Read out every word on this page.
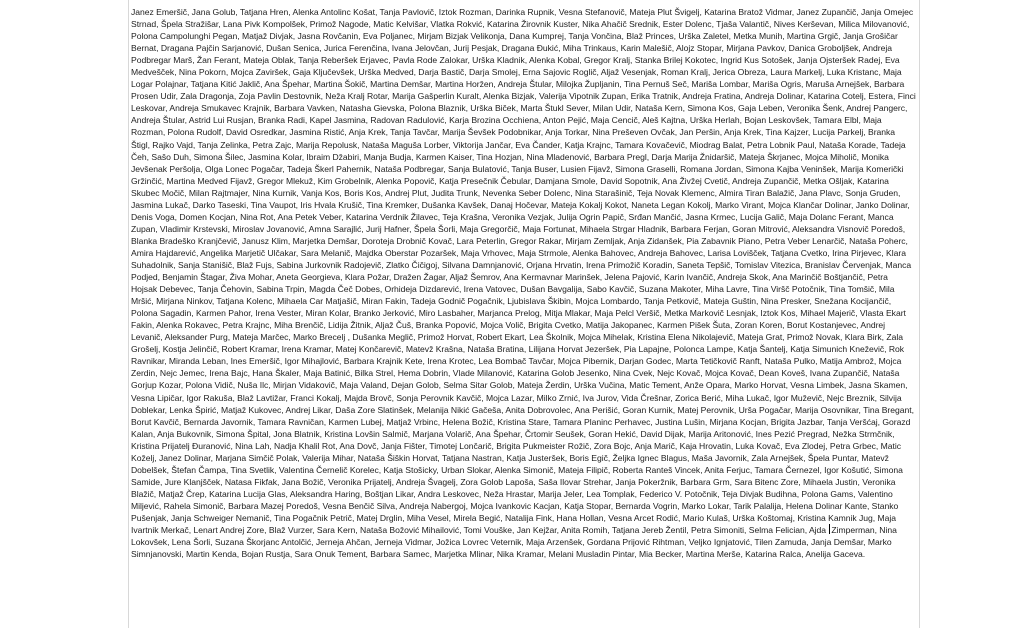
Janez Emeršič, Jana Golub, Tatjana Hren, Alenka Antolinc Košat, Tanja Pavlovič, Iztok Rozman, Darinka Rupnik, Vesna Stefanovič, Mateja Plut Švigelj, Katarina Bratož Vidmar, Janez Zupančič, Janja Omejec Strnad, Špela Stražišar, Lana Pivk Kompolšek, Primož Nagode, Matic Kelvišar, Vlatka Rokvić, Katarina Žirovnik Kuster, Nika Ahačič Srednik, Ester Dolenc, Tjaša Valantič, Nives Kerševan, Milica Milovanović, Polona Campolunghi Pegan, Matjaž Divjak, Jasna Rovčanin, Eva Poljanec, Mirjam Bizjak Velikonja, Dana Kumprej, Tanja Vončina, Blaž Princes, Urška Zaletel, Metka Munih, Martina Grgič, Janja Grošičar Bernat, Dragana Pajčin Sarjanović, Dušan Senica, Jurica Ferenčina, Ivana Jelovčan, Jurij Pesjak, Dragana Đukić, Miha Trinkaus, Karin Malešič, Alojz Stopar, Mirjana Pavkov, Danica Groboljšek, Andreja Podbregar Marš, Žan Ferant, Mateja Oblak, Tanja Reberšek Erjavec, Pavla Rode Zalokar, Urška Kladnik, Alenka Kobal, Gregor Kralj, Stanka Brilej Kokotec, Ingrid Kus Sotošek, Janja Ojsteršek Radej, Eva Medvešček, Nina Pokorn, Mojca Zaviršek, Gaja Ključevšek, Urška Medved, Darja Bastič, Darja Smolej, Erna Sajovic Roglič, Aljaž Vesenjak, Roman Kralj, Jerica Obreza, Laura Markelj, Luka Kristanc, Maja Logar Polajnar, Tatjana Kitić Jaklič, Ana Špehar, Martina Šokič, Martina Demšar, Martina Horžen, Andreja Štular, Milojka Župljanin, Tina Pernuš Seč, Mariša Lombar, Mariša Ogris, Maruša Arnejšek, Barbara Prosen Udir, Zala Dragonja, Zoja Pavlin Destovnik, Neža Kralj Rotar, Marija Gašperlin Kuralt, Alenka Bizjak, Valerija Vipotnik Zupan, Erika Tratnik, Andreja Fratina, Andreja Dolinar, Katarina Cotelj, Estera, Finci Leskovar, Andreja Smukavec Krajnik, Barbara Vavken, Natasha Gievska, Polona Blaznik, Urška Biček, Marta Štukl Sever, Milan Udir, Nataša Kern, Simona Kos, Gaja Leben, Veronika Šenk, Andrej Pangerc, Andreja Štular, Astrid Lui Rusjan, Branka Radi, Kapel Jasmina, Radovan Radulović, Karja Brozina Occhiena, Anton Pejić, Maja Cencič, Aleš Kajtna, Urška Herlah, Bojan Leskovšek, Tamara Elbl, Maja Rozman, Polona Rudolf, David Osredkar, Jasmina Ristić, Anja Krek, Tanja Tavčar, Marija Ševšek Podobnikar, Anja Torkar, Nina Preševen Ovčak, Jan Peršin, Anja Krek, Tina Kajzer, Lucija Parkelj, Branka Štigl, Rajko Vajd, Tanja Zelinka, Petra Zajc, Marija Repolusk, Nataša Maguša Lorber, Viktorija Jančar, Eva Čander, Katja Krajnc, Tamara Kovačevič, Miodrag Balat, Petra Lobnik Paul, Nataša Korade, Tadeja Čeh, Sašo Duh, Simona Šilec, Jasmina Kolar, Ibraim Džabiri, Manja Budja, Karmen Kaiser, Tina Hozjan, Nina Mladenović, Barbara Pregl, Darja Marija Žnidaršič, Mateja Škrjanec, Mojca Miholič, Monika Jevšenak Peršolja, Olga Lonec Pogačar, Tadeja Škerl Pahernik, Nataša Podbregar, Sanja Bulatović, Tanja Buser, Lusien Fijavž, Simona Graselli, Romana Jordan, Simona Kajba Veninšek, Marija Komerički Gržinčić, Martina Medved Fijavž, Gregor Mlekuž, Kim Grobelnik, Alenka Popovič, Katja Presečnik Čebular, Damjana Smole, David Sopotnik, Ana Živžej Cvetič, Andreja Zupančič, Metka Ošljak, Katarina Skubec Močič, Milan Rajtmajer, Nina Kurnik, Vanja Kos, Boris Kos, Andrej Plut, Judita Trunk, Nevenka Seber Dolenc, Nina Starašinič, Teja Novak Klemenc, Almira Tiran Balažič, Jana Plavc, Sonja Gruden, Jasmina Lukač, Darko Taseski, Tina Vaupot, Iris Hvala Krušič, Tina Kremker, Dušanka Kavšek, Danaj Hočevar, Mateja Kokalj Kokot, Naneta Legan Kokolj, Marko Virant, Mojca Klančar Dolinar, Janko Dolinar, Denis Voga, Domen Kocjan, Nina Rot, Ana Petek Veber, Katarina Verdnik Žilavec, Teja Krašna, Veronika Vezjak, Julija Ogrin Papič, Srđan Mančić, Jasna Krmec, Lucija Galič, Maja Dolanc Ferant, Manca Zupan, Vladimir Krstevski, Miroslav Jovanović, Amna Sarajlić, Jurij Hafner, Špela Šorli, Maja Gregorčič, Maja Fortunat, Mihaela Strgar Hladnik, Barbara Ferjan, Goran Mitrović, Aleksandra Visnovič Poredoš, Blanka Bradeško Kranjčevič, Janusz Klim, Marjetka Demšar, Doroteja Drobnič Kovač, Lara Peterlin, Gregor Rakar, Mirjam Zemljak, Anja Zidanšek, Pia Zabavnik Piano, Petra Veber Lenarčič, Nataša Poherc, Amira Hajdarević, Angelika Marjetič Ulčakar, Sara Melanič, Majdka Oberstar Pozaršek, Maja Vrhovec, Maja Strmole, Alenka Bahovec, Andreja Bahovec, Larisa Lovišček, Tatjana Cvetko, Irina Pirjevec, Klara Suhadolnik, Sanja Stanišič, Blaž Fujs, Sabina Jurkovnik Radojevič, Zlatko Čičigoj, Silvana Damnjanović, Orjana Hrvatin, Irena Primožič Koradin, Saneta Tepšič, Tomislav Vitezica, Branislav Červenjak, Manca Podjed, Benjamin Štagar, Živa Mohar, Aneta Georgieva, Klara Požar, Dražen Žagar, Aljaž Šemrov, Ana Kermavnar Marinšek, Jelena Pajović, Karin Ivančič, Andreja Skok, Ana Marinčič Boštjančič, Petra Hojsak Debevec, Tanja Čehovin, Sabina Trpin, Magda Čeč Dobes, Orhideja Dizdarević, Irena Vatovec, Dušan Bavgalija, Sabo Kavčič, Suzana Makoter, Miha Lavre, Tina Viršč Potočnik, Tina Tomšič, Mila Mršić, Mirjana Ninkov, Tatjana Kolenc, Mihaela Car Matjašič, Miran Fakin, Tadeja Godnič Pogačnik, Ljubislava Škibin, Mojca Lombardo, Tanja Petkovič, Mateja Guštin, Nina Presker, Snežana Kocijančič, Polona Sagadin, Karmen Pahor, Irena Vester, Miran Kolar, Branko Jerković, Miro Lasbaher, Marjanca Prelog, Mitja Mlakar, Maja Pelcl Veršič, Metka Markovič Lesnjak, Iztok Kos, Mihael Majerič, Vlasta Ekart Fakin, Alenka Rokavec, Petra Krajnc, Miha Brenčič, Lidija Žitnik, Aljaž Čuš, Branka Popović, Mojca Volič, Brigita Cvetko, Matija Jakopanec, Karmen Pišek Šuta, Zoran Koren, Borut Kostanjevec, Andrej Levanič, Aleksander Purg, Mateja Marčec, Marko Brecelj , Dušanka Meglič, Primož Horvat, Robert Ekart, Lea Školnik, Mojca Mihelak, Kristina Elena Nikolajevič, Mateja Grat, Primož Novak, Klara Birk, Zala Grošelj, Kostja Jelinčič, Robert Kramar, Irena Kramar, Matej Končarevič, Matevž Krašna, Nataša Bratina, Lilijana Horvat Jezeršek, Pia Lapajne, Polonca Lampe, Katja Šantelj, Katja Simunich Kneževič, Rok Ravnikar, Miranda Leban, Ines Emeršič, Igor Mihajlović, Barbara Krajnik Kete, Irena Krotec, Lea Bombač Tavčar, Mojca Pibernik, Darjan Godec, Marta Tetičkovič Ranft, Nataša Pulko, Matija Ambrož, Mojca Zerdin, Nejc Jemec, Irena Bajc, Hana Škaler, Maja Batinić, Bilka Strel, Hema Dobrin, Vlade Milanović, Katarina Golob Jesenko, Nina Cvek, Nejc Kovač, Mojca Kovač, Dean Koveš, Ivana Zupančič, Nataša Gorjup Kozar, Polona Vidič, Nuša Ilc, Mirjan Vidakovič, Maja Valand, Dejan Golob, Selma Sitar Golob, Mateja Žerdin, Urška Vučina, Matic Tement, Anže Opara, Marko Horvat, Vesna Limbek, Jasna Skamen, Vesna Lipičar, Igor Rakuša, Blaž Lavtižar, Franci Kokalj, Majda Brovč, Sonja Perovnik Kavčič, Mojca Lazar, Milko Zrnić, Iva Jurov, Vida Črešnar, Zorica Berić, Miha Lukač, Igor Muževič, Nejc Breznik, Silvija Doblekar, Lenka Špirić, Matjaž Kukovec, Andrej Likar, Daša Zore Slatinšek, Melanija Nikić Gačeša, Anita Dobrovolec, Ana Perišić, Goran Kurnik, Matej Perovnik, Urša Pogačar, Marija Osovnikar, Tina Bregant, Borut Kavčič, Bernarda Javornik, Tamara Ravničan, Karmen Lubej, Matjaž Vrbinc, Helena Božič, Kristina Stare, Tamara Planinc Perhavec, Justina Lušin, Mirjana Kocjan, Brigita Jazbar, Tanja Veršćaj, Gorazd Kalan, Anja Bukovnik, Simona Špital, Jona Blatnik, Kristina Lovšin Salmič, Marjana Volarič, Ana Špehar, Črtomir Seušek, Goran Hekić, David Dijak, Marija Aritonović, Ines Pezić Pregrad, Nežka Strmčnik, Kristina Prijatelj Đuranović, Nina Lah, Nadja Khalil Rot, Ana Dovč, Janja Fišter, Timotej Lončarič, Brigita Pukmeister Rožič, Zora Bojc, Anja Marič, Kaja Hrovatin, Luka Kovač, Eva Zlodej, Petra Grbec, Matic Koželj, Janez Dolinar, Marjana Simčič Polak, Valerija Mihar, Nataša Šiškin Horvat, Tatjana Nastran, Katja Justeršek, Boris Egič, Željka Ignec Blagus, Maša Javornik, Zala Arnejšek, Špela Puntar, Matevž Dobelšek, Štefan Čampa, Tina Svetlik, Valentina Černelič Korelec, Katja Stošicky, Urban Slokar, Alenka Simonič, Mateja Filipič, Roberta Ranteš Vincek, Anita Ferjuc, Tamara Černezel, Igor Košutić, Simona Samide, Jure Klanjšček, Natasa Fikfak, Jana Božič, Veronika Prijatelj, Andreja Švagelj, Zora Golob Lapoša, Saša Ilovar Strehar, Janja Pokeržnik, Barbara Grm, Sara Bitenc Zore, Mihaela Justin, Veronika Blažič, Matjaž Črep, Katarina Lucija Glas, Aleksandra Haring, Boštjan Likar, Andra Leskovec, Neža Hrastar, Marija Jeler, Lea Tomplak, Federico V. Potočnik, Teja Divjak Budihna, Polona Gams, Valentino Miljević, Rahela Simonič, Barbara Mazej Poredoš, Vesna Benčič Silva, Andreja Nabergoj, Mojca Ivankovic Kacjan, Katja Stopar, Bernarda Vogrin, Marko Lokar, Tarik Palalija, Helena Dolinar Kante, Stanko Pušenjak, Janja Schweiger Nemanič, Tina Pogačnik Petrič, Matej Drglin, Miha Vesel, Mirela Begić, Natalija Fink, Hana Hollan, Vesna Arcet Rodić, Mario Kulaš, Urška Koštomaj, Kristina Kamnik Jug, Maja Ivartnik Merkač, Lenart Andrej Zore, Blaž Vurzer, Sara Kern, Nataša Božović Mihailović, Tomi Vouške, Jan Kejžar, Anita Romih, Tatjana Jereb Žentil, Petra Simoniti, Selma Felician, Ajda Zimperman, Nina Lokovšek, Lena Šorli, Suzana Škorjanc Antolčić, Jerneja Ahčan, Jerneja Vidmar, Jožica Lovrec Veternik, Maja Arzenšek, Gordana Prijović Rihtman, Veljko Ignjatović, Tilen Zamuda, Janja Demšar, Marko Simnjanovski, Martin Kenda, Bojan Rustja, Sara Onuk Tement, Barbara Samec, Marjetka Mlinar, Nika Kramar, Melani Musladin Pintar, Mia Becker, Martina Merše, Katarina Ralca, Anelija Gaceva.
